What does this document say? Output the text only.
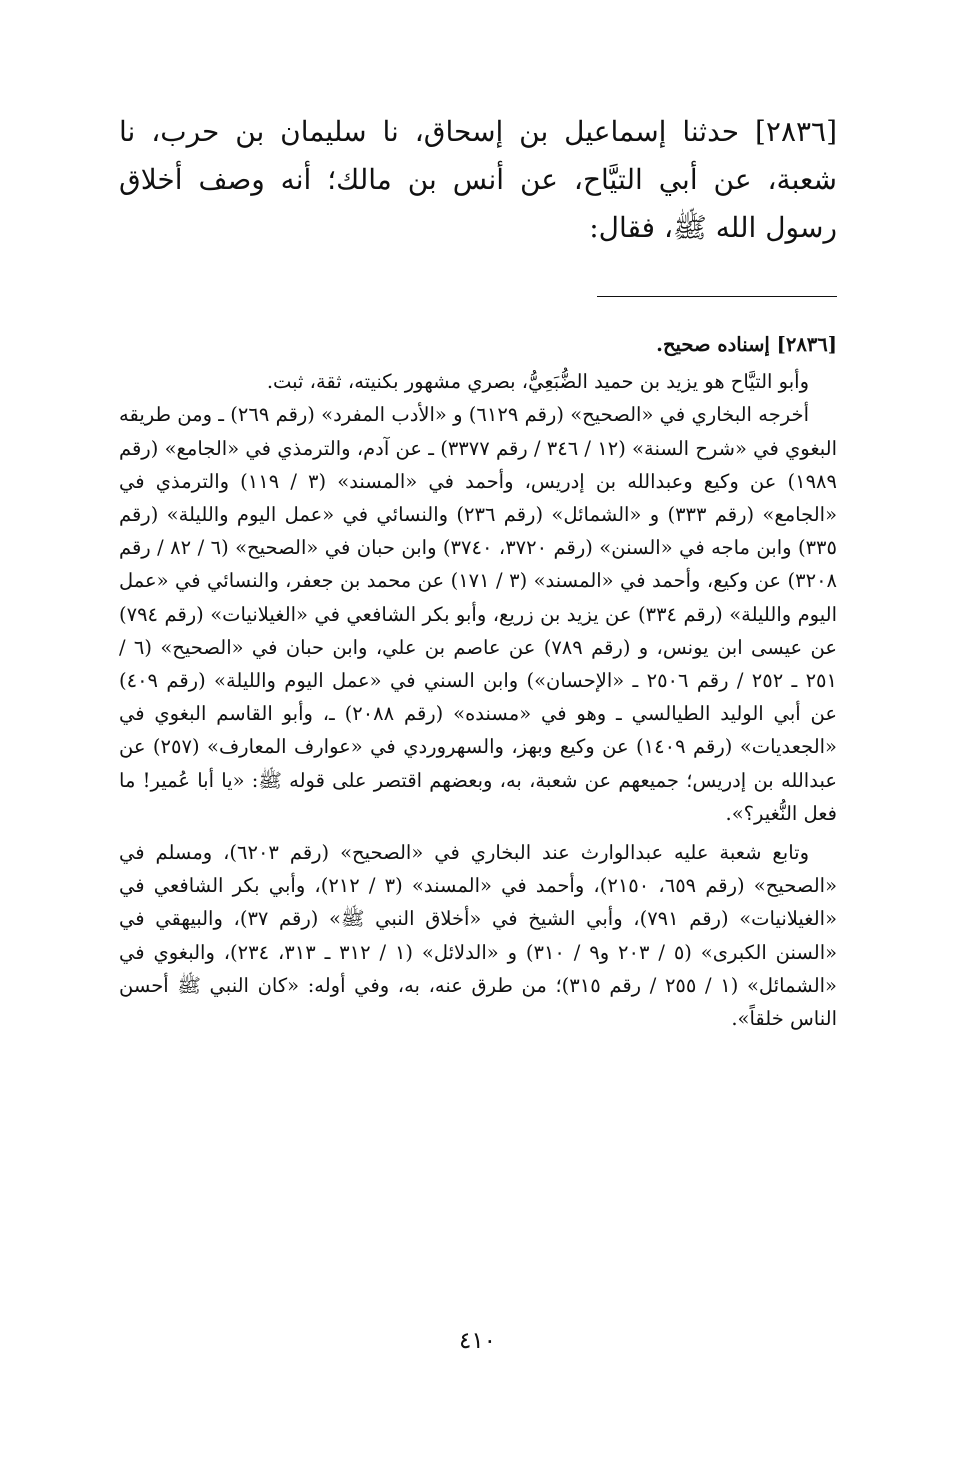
[٢٨٣٦] حدثنا إسماعيل بن إسحاق، نا سليمان بن حرب، نا شعبة، عن أبي التيَّاح، عن أنس بن مالك؛ أنه وصف أخلاق رسول الله ﷺ، فقال:

[٢٨٣٦] إسناده صحيح.

وأبو التيَّاح هو يزيد بن حميد الضُّبَعِيُّ، بصري مشهور بكنيته، ثقة، ثبت.

أخرجه البخاري في «الصحيح» (رقم ٦١٢٩) و «الأدب المفرد» (رقم ٢٦٩) ـ ومن طريقه البغوي في «شرح السنة» (١٢ / ٣٤٦ / رقم ٣٣٧٧) ـ عن آدم، والترمذي في «الجامع» (رقم ١٩٨٩) عن وكيع وعبدالله بن إدريس، وأحمد في «المسند» (٣ / ١١٩) والترمذي في «الجامع» (رقم ٣٣٣) و «الشمائل» (رقم ٢٣٦) والنسائي في «عمل اليوم والليلة» (رقم ٣٣٥) وابن ماجه في «السنن» (رقم ٣٧٢٠، ٣٧٤٠) وابن حبان في «الصحيح» (٦ / ٨٢ / رقم ٣٢٠٨) عن وكيع، وأحمد في «المسند» (٣ / ١٧١) عن محمد بن جعفر، والنسائي في «عمل اليوم والليلة» (رقم ٣٣٤) عن يزيد بن زريع، وأبو بكر الشافعي في «الغيلانيات» (رقم ٧٩٤) عن عيسى ابن يونس، و (رقم ٧٨٩) عن عاصم بن علي، وابن حبان في «الصحيح» (٦ / ٢٥١ ـ ٢٥٢ / رقم ٢٥٠٦ ـ «الإحسان») وابن السني في «عمل اليوم والليلة» (رقم ٤٠٩) عن أبي الوليد الطيالسي ـ وهو في «مسنده» (رقم ٢٠٨٨) ـ، وأبو القاسم البغوي في «الجعديات» (رقم ١٤٠٩) عن وكيع وبهز، والسهروردي في «عوارف المعارف» (٢٥٧) عن عبدالله بن إدريس؛ جميعهم عن شعبة، به، وبعضهم اقتصر على قوله ﷺ: «يا أبا عُمير! ما فعل النُّغير؟».

وتابع شعبة عليه عبدالوارث عند البخاري في «الصحيح» (رقم ٦٢٠٣)، ومسلم في «الصحيح» (رقم ٦٥٩، ٢١٥٠)، وأحمد في «المسند» (٣ / ٢١٢)، وأبي بكر الشافعي في «الغيلانيات» (رقم ٧٩١)، وأبي الشيخ في «أخلاق النبي ﷺ» (رقم ٣٧)، والبيهقي في «السنن الكبرى» (٥ / ٢٠٣ و٩ / ٣١٠) و «الدلائل» (١ / ٣١٢ ـ ٣١٣، ٢٣٤)، والبغوي في «الشمائل» (١ / ٢٥٥ / رقم ٣١٥)؛ من طرق عنه، به، وفي أوله: «كان النبي ﷺ أحسن الناس خلقاً».

٤١٠
